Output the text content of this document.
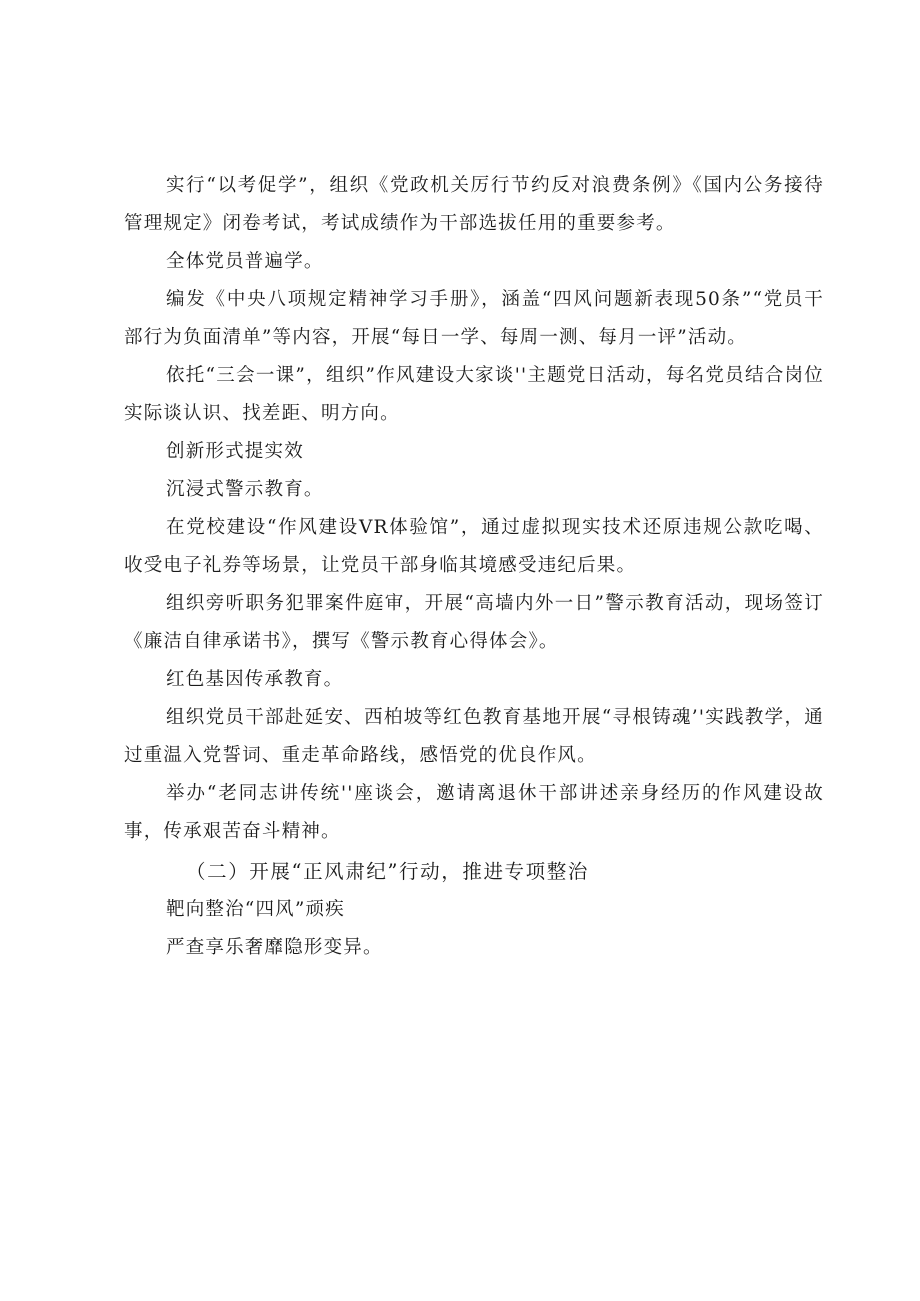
实行“以考促学”，组织《党政机关厉行节约反对浪费条例》《国内公务接待管理规定》闭卷考试，考试成绩作为干部选拔任用的重要参考。

全体党员普遍学。

编发《中央八项规定精神学习手册》，涵盖“四风问题新表现50条”“党员干部行为负面清单”等内容，开展“每日一学、每周一测、每月一评”活动。

依托“三会一课”，组织”作风建设大家谈''主题党日活动，每名党员结合岗位实际谈认识、找差距、明方向。

创新形式提实效

沉浸式警示教育。

在党校建设“作风建设VR体验馆”，通过虚拟现实技术还原违规公款吃喝、收受电子礼券等场景，让党员干部身临其境感受违纪后果。

组织旁听职务犯罪案件庭审，开展“高墙内外一日”警示教育活动，现场签订《廉洁自律承诺书》，撰写《警示教育心得体会》。

红色基因传承教育。

组织党员干部赴延安、西柏坡等红色教育基地开展“寻根铸魂’'实践教学，通过重温入党誓词、重走革命路线，感悟党的优良作风。

举办“老同志讲传统''座谈会，邀请离退休干部讲述亲身经历的作风建设故事，传承艰苦奋斗精神。

（二）开展“正风肃纪”行动，推进专项整治

靶向整治“四风”顽疾

严查享乐奢靡隐形变异。
